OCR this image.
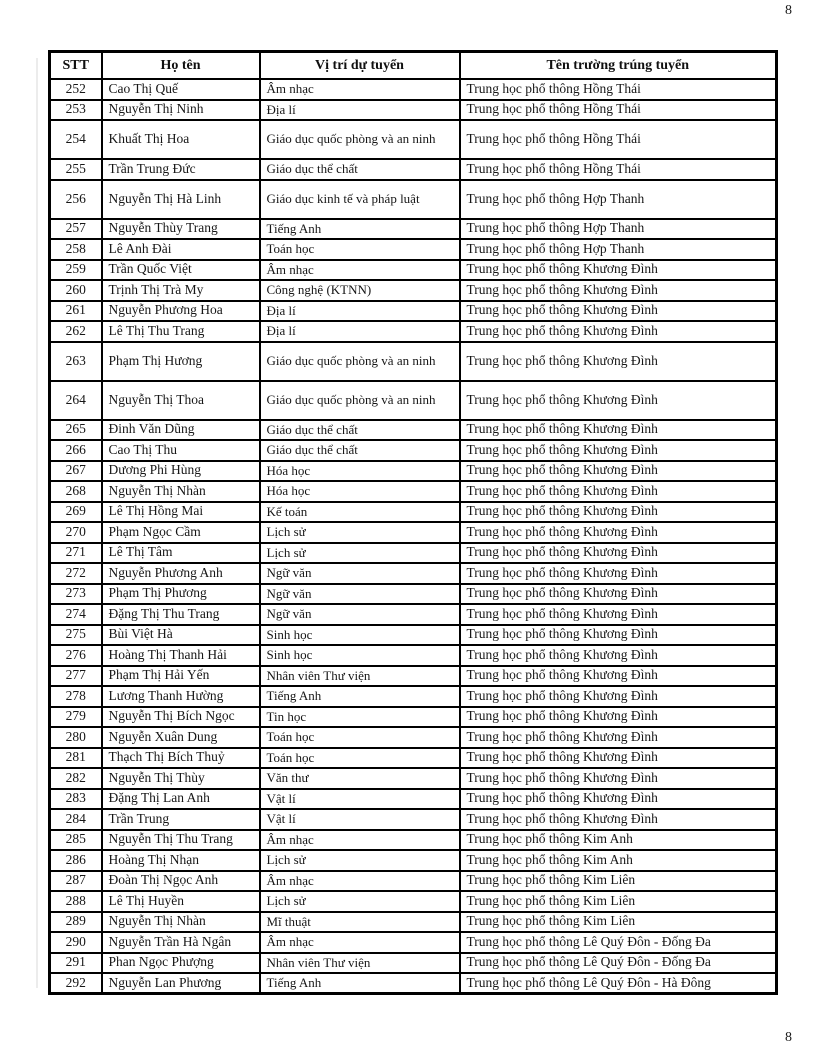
8
STT	Họ tên	Vị trí dự tuyển	Tên trường trúng tuyển
252	Cao Thị Quế	Âm nhạc	Trung học phổ thông Hồng Thái
253	Nguyễn Thị Ninh	Địa lí	Trung học phổ thông Hồng Thái
254	Khuất Thị Hoa	Giáo dục quốc phòng và an ninh	Trung học phổ thông Hồng Thái
255	Trần Trung Đức	Giáo dục thể chất	Trung học phổ thông Hồng Thái
256	Nguyễn Thị Hà Linh	Giáo dục kinh tế và pháp luật	Trung học phổ thông Hợp Thanh
257	Nguyễn Thùy Trang	Tiếng Anh	Trung học phổ thông Hợp Thanh
258	Lê Anh Đài	Toán học	Trung học phổ thông Hợp Thanh
259	Trần Quốc Việt	Âm nhạc	Trung học phổ thông Khương Đình
260	Trịnh Thị Trà My	Công nghệ (KTNN)	Trung học phổ thông Khương Đình
261	Nguyễn Phương Hoa	Địa lí	Trung học phổ thông Khương Đình
262	Lê Thị Thu Trang	Địa lí	Trung học phổ thông Khương Đình
263	Phạm Thị Hương	Giáo dục quốc phòng và an ninh	Trung học phổ thông Khương Đình
264	Nguyễn Thị Thoa	Giáo dục quốc phòng và an ninh	Trung học phổ thông Khương Đình
265	Đinh Văn Dũng	Giáo dục thể chất	Trung học phổ thông Khương Đình
266	Cao Thị Thu	Giáo dục thể chất	Trung học phổ thông Khương Đình
267	Dương Phi Hùng	Hóa học	Trung học phổ thông Khương Đình
268	Nguyễn Thị Nhàn	Hóa học	Trung học phổ thông Khương Đình
269	Lê Thị Hồng Mai	Kế toán	Trung học phổ thông Khương Đình
270	Phạm Ngọc Cầm	Lịch sử	Trung học phổ thông Khương Đình
271	Lê Thị Tâm	Lịch sử	Trung học phổ thông Khương Đình
272	Nguyễn Phương Anh	Ngữ văn	Trung học phổ thông Khương Đình
273	Phạm Thị Phương	Ngữ văn	Trung học phổ thông Khương Đình
274	Đặng Thị Thu Trang	Ngữ văn	Trung học phổ thông Khương Đình
275	Bùi Việt Hà	Sinh học	Trung học phổ thông Khương Đình
276	Hoàng Thị Thanh Hải	Sinh học	Trung học phổ thông Khương Đình
277	Phạm Thị Hải Yến	Nhân viên Thư viện	Trung học phổ thông Khương Đình
278	Lương Thanh Hường	Tiếng Anh	Trung học phổ thông Khương Đình
279	Nguyễn Thị Bích Ngọc	Tin học	Trung học phổ thông Khương Đình
280	Nguyễn Xuân Dung	Toán học	Trung học phổ thông Khương Đình
281	Thạch Thị Bích Thuỷ	Toán học	Trung học phổ thông Khương Đình
282	Nguyễn Thị Thùy	Văn thư	Trung học phổ thông Khương Đình
283	Đặng Thị Lan Anh	Vật lí	Trung học phổ thông Khương Đình
284	Trần Trung	Vật lí	Trung học phổ thông Khương Đình
285	Nguyễn Thị Thu Trang	Âm nhạc	Trung học phổ thông Kim Anh
286	Hoàng Thị Nhạn	Lịch sử	Trung học phổ thông Kim Anh
287	Đoàn Thị Ngọc Anh	Âm nhạc	Trung học phổ thông Kim Liên
288	Lê Thị Huyền	Lịch sử	Trung học phổ thông Kim Liên
289	Nguyễn Thị Nhàn	Mĩ thuật	Trung học phổ thông Kim Liên
290	Nguyễn Trần Hà Ngân	Âm nhạc	Trung học phổ thông Lê Quý Đôn - Đống Đa
291	Phan Ngọc Phượng	Nhân viên Thư viện	Trung học phổ thông Lê Quý Đôn - Đống Đa
292	Nguyễn Lan Phương	Tiếng Anh	Trung học phổ thông Lê Quý Đôn - Hà Đông
8
